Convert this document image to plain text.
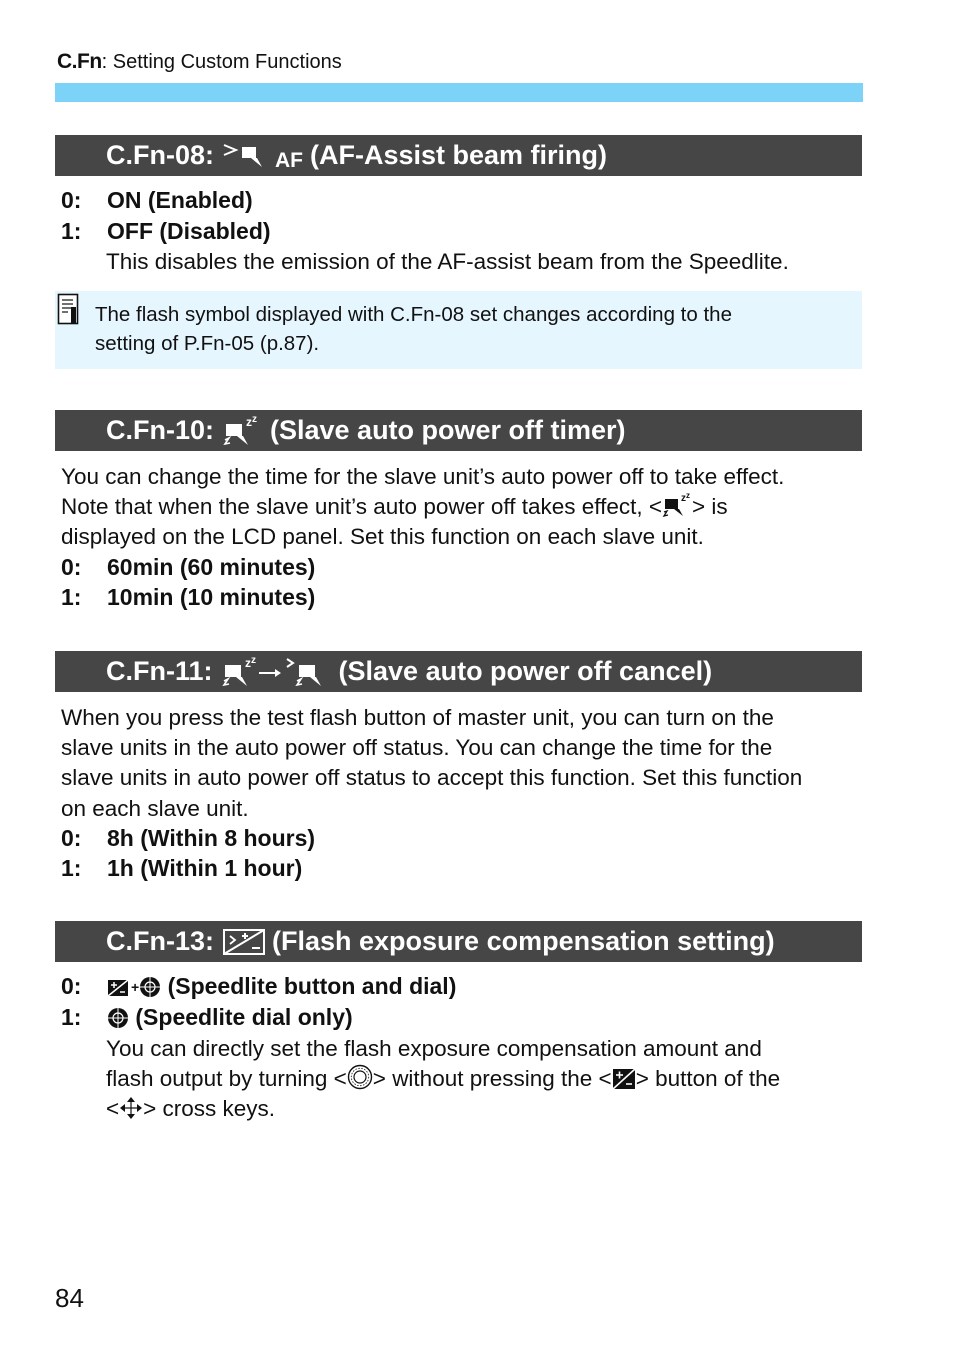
C.Fn: Setting Custom Functions
C.Fn-08:	AF (AF-Assist beam firing)
0: ON (Enabled)
1: OFF (Disabled)
This disables the emission of the AF-assist beam from the Speedlite.
The flash symbol displayed with C.Fn-08 set changes according to the
setting of P.Fn-05 (p.87).
C.Fn-10:	z z (Slave auto power off timer)
You can change the time for the slave unit’s auto power off to take effect.
Note that when the slave unit’s auto power off takes effect, < z z > is
displayed on the LCD panel. Set this function on each slave unit.
0: 60min (60 minutes)
1: 10min (10 minutes)
C.Fn-11:	z z	(Slave auto power off cancel)
When you press the test flash button of master unit, you can turn on the
slave units in the auto power off status. You can change the time for the
slave units in auto power off status to accept this function. Set this function
on each slave unit.
0: 8h (Within 8 hours)
1: 1h (Within 1 hour)
C.Fn-13: (Flash exposure compensation setting)
0:	+ (Speedlite button and dial)
1: (Speedlite dial only)
You can directly set the flash exposure compensation amount and
flash output by turning < > without pressing the < > button of the
< > cross keys.
84
